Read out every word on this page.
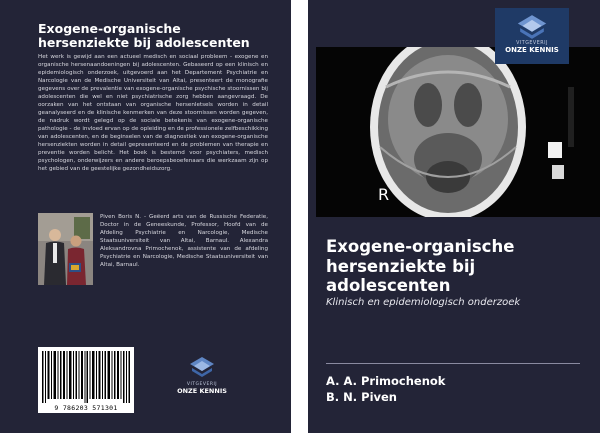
Exogene-organische hersenziekte bij adolescenten
Het werk is gewijd aan een actueel medisch en sociaal probleem - exogene en organische hersenaandoeningen bij adolescenten. Gebaseerd op een klinisch en epidemiologisch onderzoek, uitgevoerd aan het Departement Psychiatrie en Narcologie van de Medische Universiteit van Altai, presenteert de monografie gegevens over de prevalentie van exogene-organische psychische stoornissen bij adolescenten die wel en niet psychiatrische zorg hebben aangevraagd. De oorzaken van het ontstaan van organische hersenletsels worden in detail geanalyseerd en de klinische kenmerken van deze stoornissen worden gegeven, de nadruk wordt gelegd op de sociale betekenis van exogene-organische pathologie - de invloed ervan op de opleiding en de professionele zelfbeschikking van adolescenten, en de beginselen van de diagnostiek van exogene-organische hersenziekten worden in detail gepresenteerd en de problemen van therapie en preventie worden belicht. Het boek is bestemd voor psychiaters, medisch psychologen, onderwijzers en andere beroepsbeoefenaars die werkzaam zijn op het gebied van de geestelijke gezondheidszorg.
Piven Boris N. - Geëerd arts van de Russische Federatie, Doctor in de Geneeskunde, Professor, Hoofd van de Afdeling Psychiatrie en Narcologie, Medische Staatsuniversiteit van Altai, Barnaul. Alexandra Aleksandrovna Primochenok, assistente van de afdeling Psychiatrie en Narcologie, Medische Staatsuniversiteit van Altai, Barnaul.
9 786203 571301
VITGEVERIJ
ONZE KENNIS
R
VITGEVERIJ
ONZE KENNIS
Exogene-organische hersenziekte bij adolescenten
Klinisch en epidemiologisch onderzoek
A. A. Primochenok
B. N. Piven
